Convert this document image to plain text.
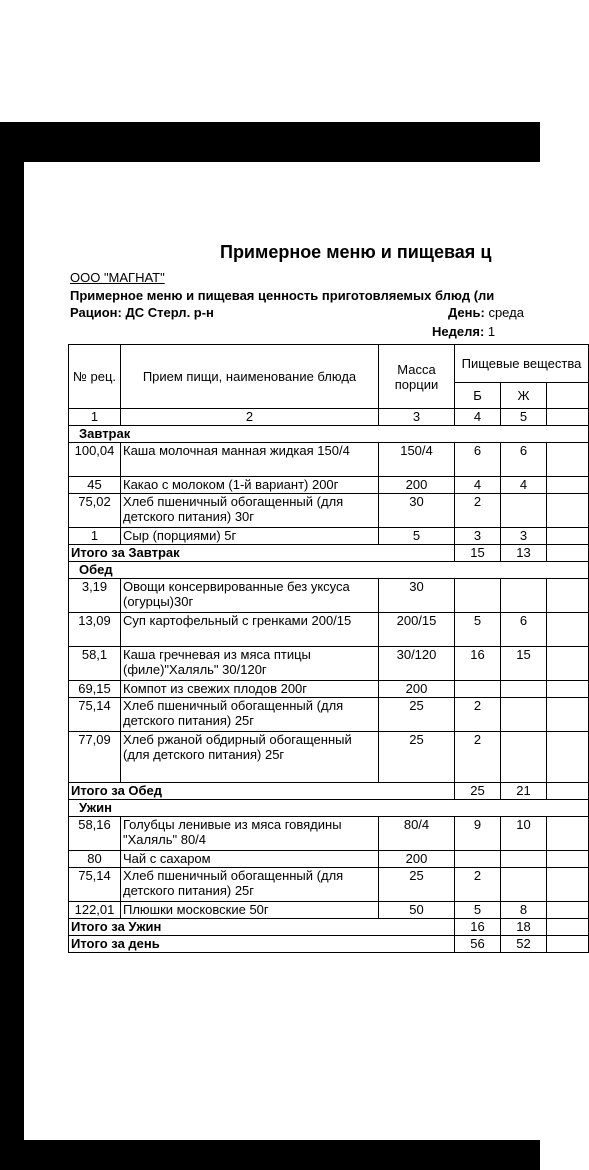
Примерное меню и пищевая ц
ООО "МАГНАТ"
Примерное меню и пищевая ценность приготовляемых блюд (ли
Рацион: ДС Стерл. р-н	День: среда
Неделя: 1
№ рец.	Прием пищи, наименование блюда	Масса порции	Пищевые вещества		
			Б	Ж	
1	2	3	4	5	
Завтрак					
100,04	Каша молочная манная жидкая 150/4	150/4	6	6	
45	Какао с молоком (1-й вариант) 200г	200	4	4	
75,02	Хлеб пшеничный обогащенный (для детского питания) 30г	30	2		
1	Сыр (порциями) 5г	5	3	3	
Итого за Завтрак			15	13	
Обед					
3,19	Овощи консервированные без уксуса (огурцы)30г	30			
13,09	Суп картофельный с гренками 200/15	200/15	5	6	
58,1	Каша гречневая из мяса птицы (филе)"Халяль" 30/120г	30/120	16	15	
69,15	Компот из свежих плодов 200г	200			
75,14	Хлеб пшеничный обогащенный (для детского питания) 25г	25	2		
77,09	Хлеб ржаной обдирный обогащенный (для детского питания) 25г	25	2		
Итого за Обед			25	21	
Ужин					
58,16	Голубцы ленивые из мяса говядины "Халяль" 80/4	80/4	9	10	
80	Чай с сахаром	200			
75,14	Хлеб пшеничный обогащенный (для детского питания) 25г	25	2		
122,01	Плюшки московские 50г	50	5	8	
Итого за Ужин			16	18	
Итого за день			56	52	
